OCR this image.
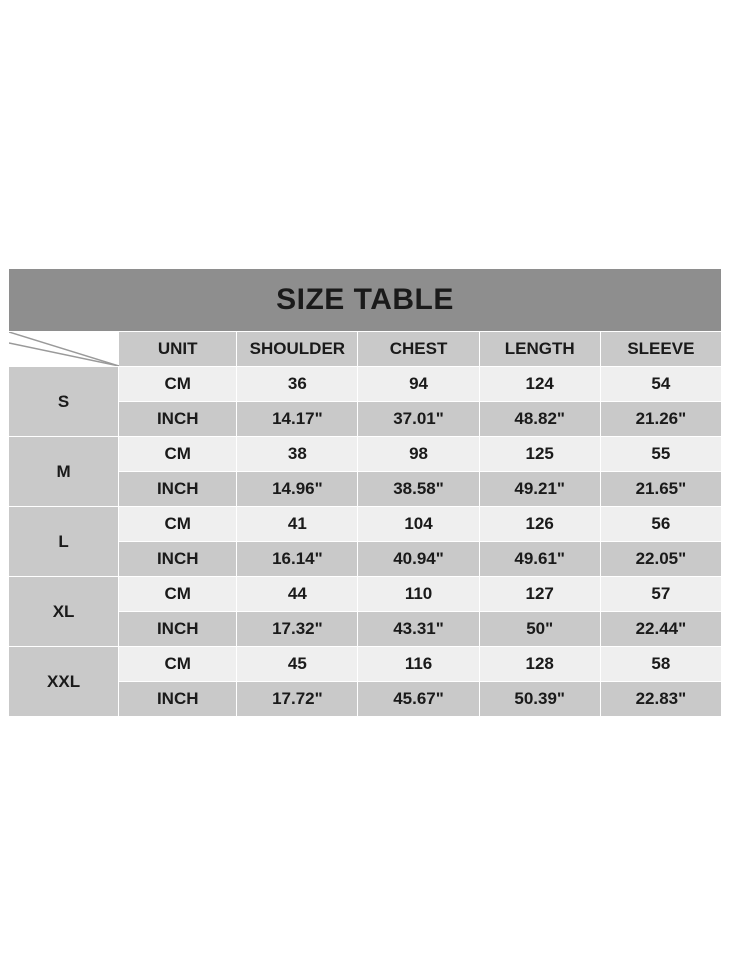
SIZE TABLE					

	UNIT	SHOULDER	CHEST	LENGTH	SLEEVE
S	CM	36	94	124	54
	INCH	14.17"	37.01"	48.82"	21.26"
M	CM	38	98	125	55
	INCH	14.96"	38.58"	49.21"	21.65"
L	CM	41	104	126	56
	INCH	16.14"	40.94"	49.61"	22.05"
XL	CM	44	110	127	57
	INCH	17.32"	43.31"	50"	22.44"
XXL	CM	45	116	128	58
	INCH	17.72"	45.67"	50.39"	22.83"
